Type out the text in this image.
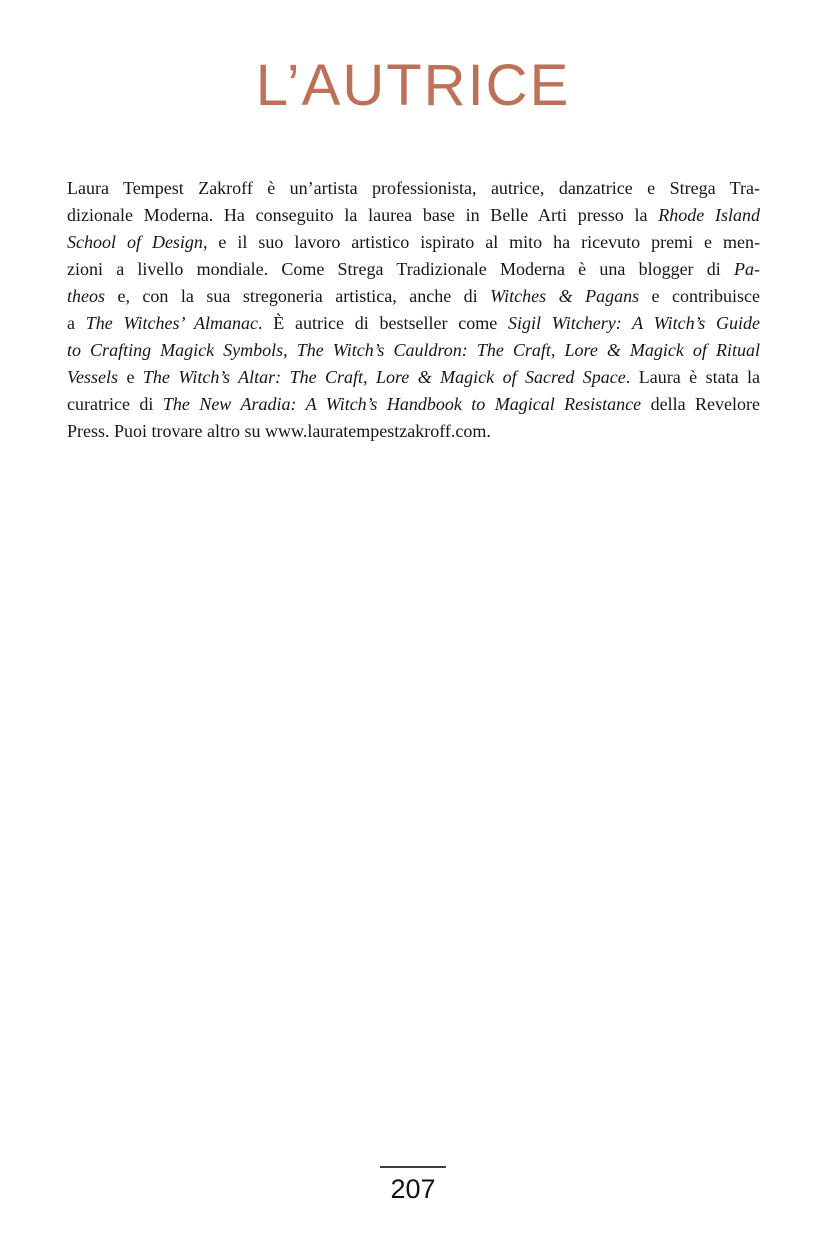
L’AUTRICE
Laura Tempest Zakroff è un’artista professionista, autrice, danzatrice e Strega Tra-
dizionale Moderna. Ha conseguito la laurea base in Belle Arti presso la Rhode Island
School of Design, e il suo lavoro artistico ispirato al mito ha ricevuto premi e men-
zioni a livello mondiale. Come Strega Tradizionale Moderna è una blogger di Pa-
theos e, con la sua stregoneria artistica, anche di Witches & Pagans e contribuisce
a The Witches’ Almanac. È autrice di bestseller come Sigil Witchery: A Witch’s Guide
to Crafting Magick Symbols, The Witch’s Cauldron: The Craft, Lore & Magick of Ritual
Vessels e The Witch’s Altar: The Craft, Lore & Magick of Sacred Space. Laura è stata la
curatrice di The New Aradia: A Witch’s Handbook to Magical Resistance della Revelore
Press. Puoi trovare altro su www.lauratempestzakroff.com.
207
